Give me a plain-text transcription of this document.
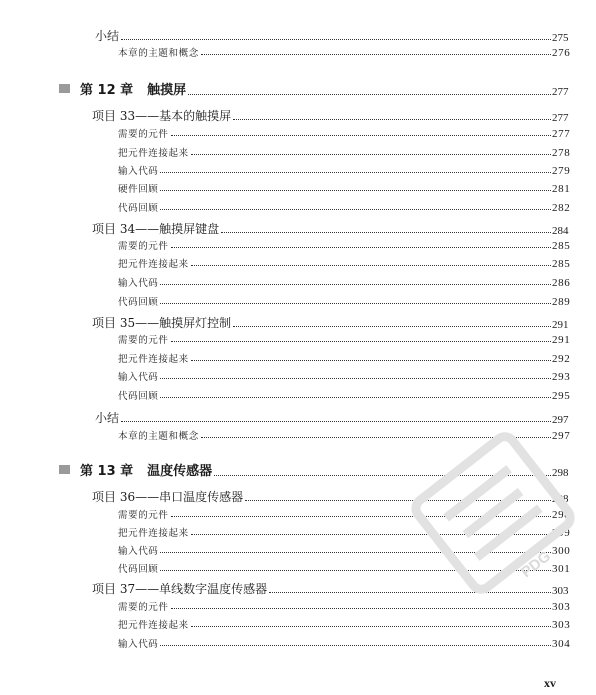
小结	275
本章的主题和概念	276
第 12 章 触摸屏	277
项目 33——基本的触摸屏	277
需要的元件	277
把元件连接起来	278
输入代码	279
硬件回顾	281
代码回顾	282
项目 34——触摸屏键盘	284
需要的元件	285
把元件连接起来	285
输入代码	286
代码回顾	289
项目 35——触摸屏灯控制	291
需要的元件	291
把元件连接起来	292
输入代码	293
代码回顾	295
小结	297
本章的主题和概念	297
第 13 章 温度传感器	298
项目 36——串口温度传感器	298
需要的元件	298
把元件连接起来	299
输入代码	300
代码回顾	301
项目 37——单线数字温度传感器	303
需要的元件	303
把元件连接起来	303
输入代码	304
xv
PDG
